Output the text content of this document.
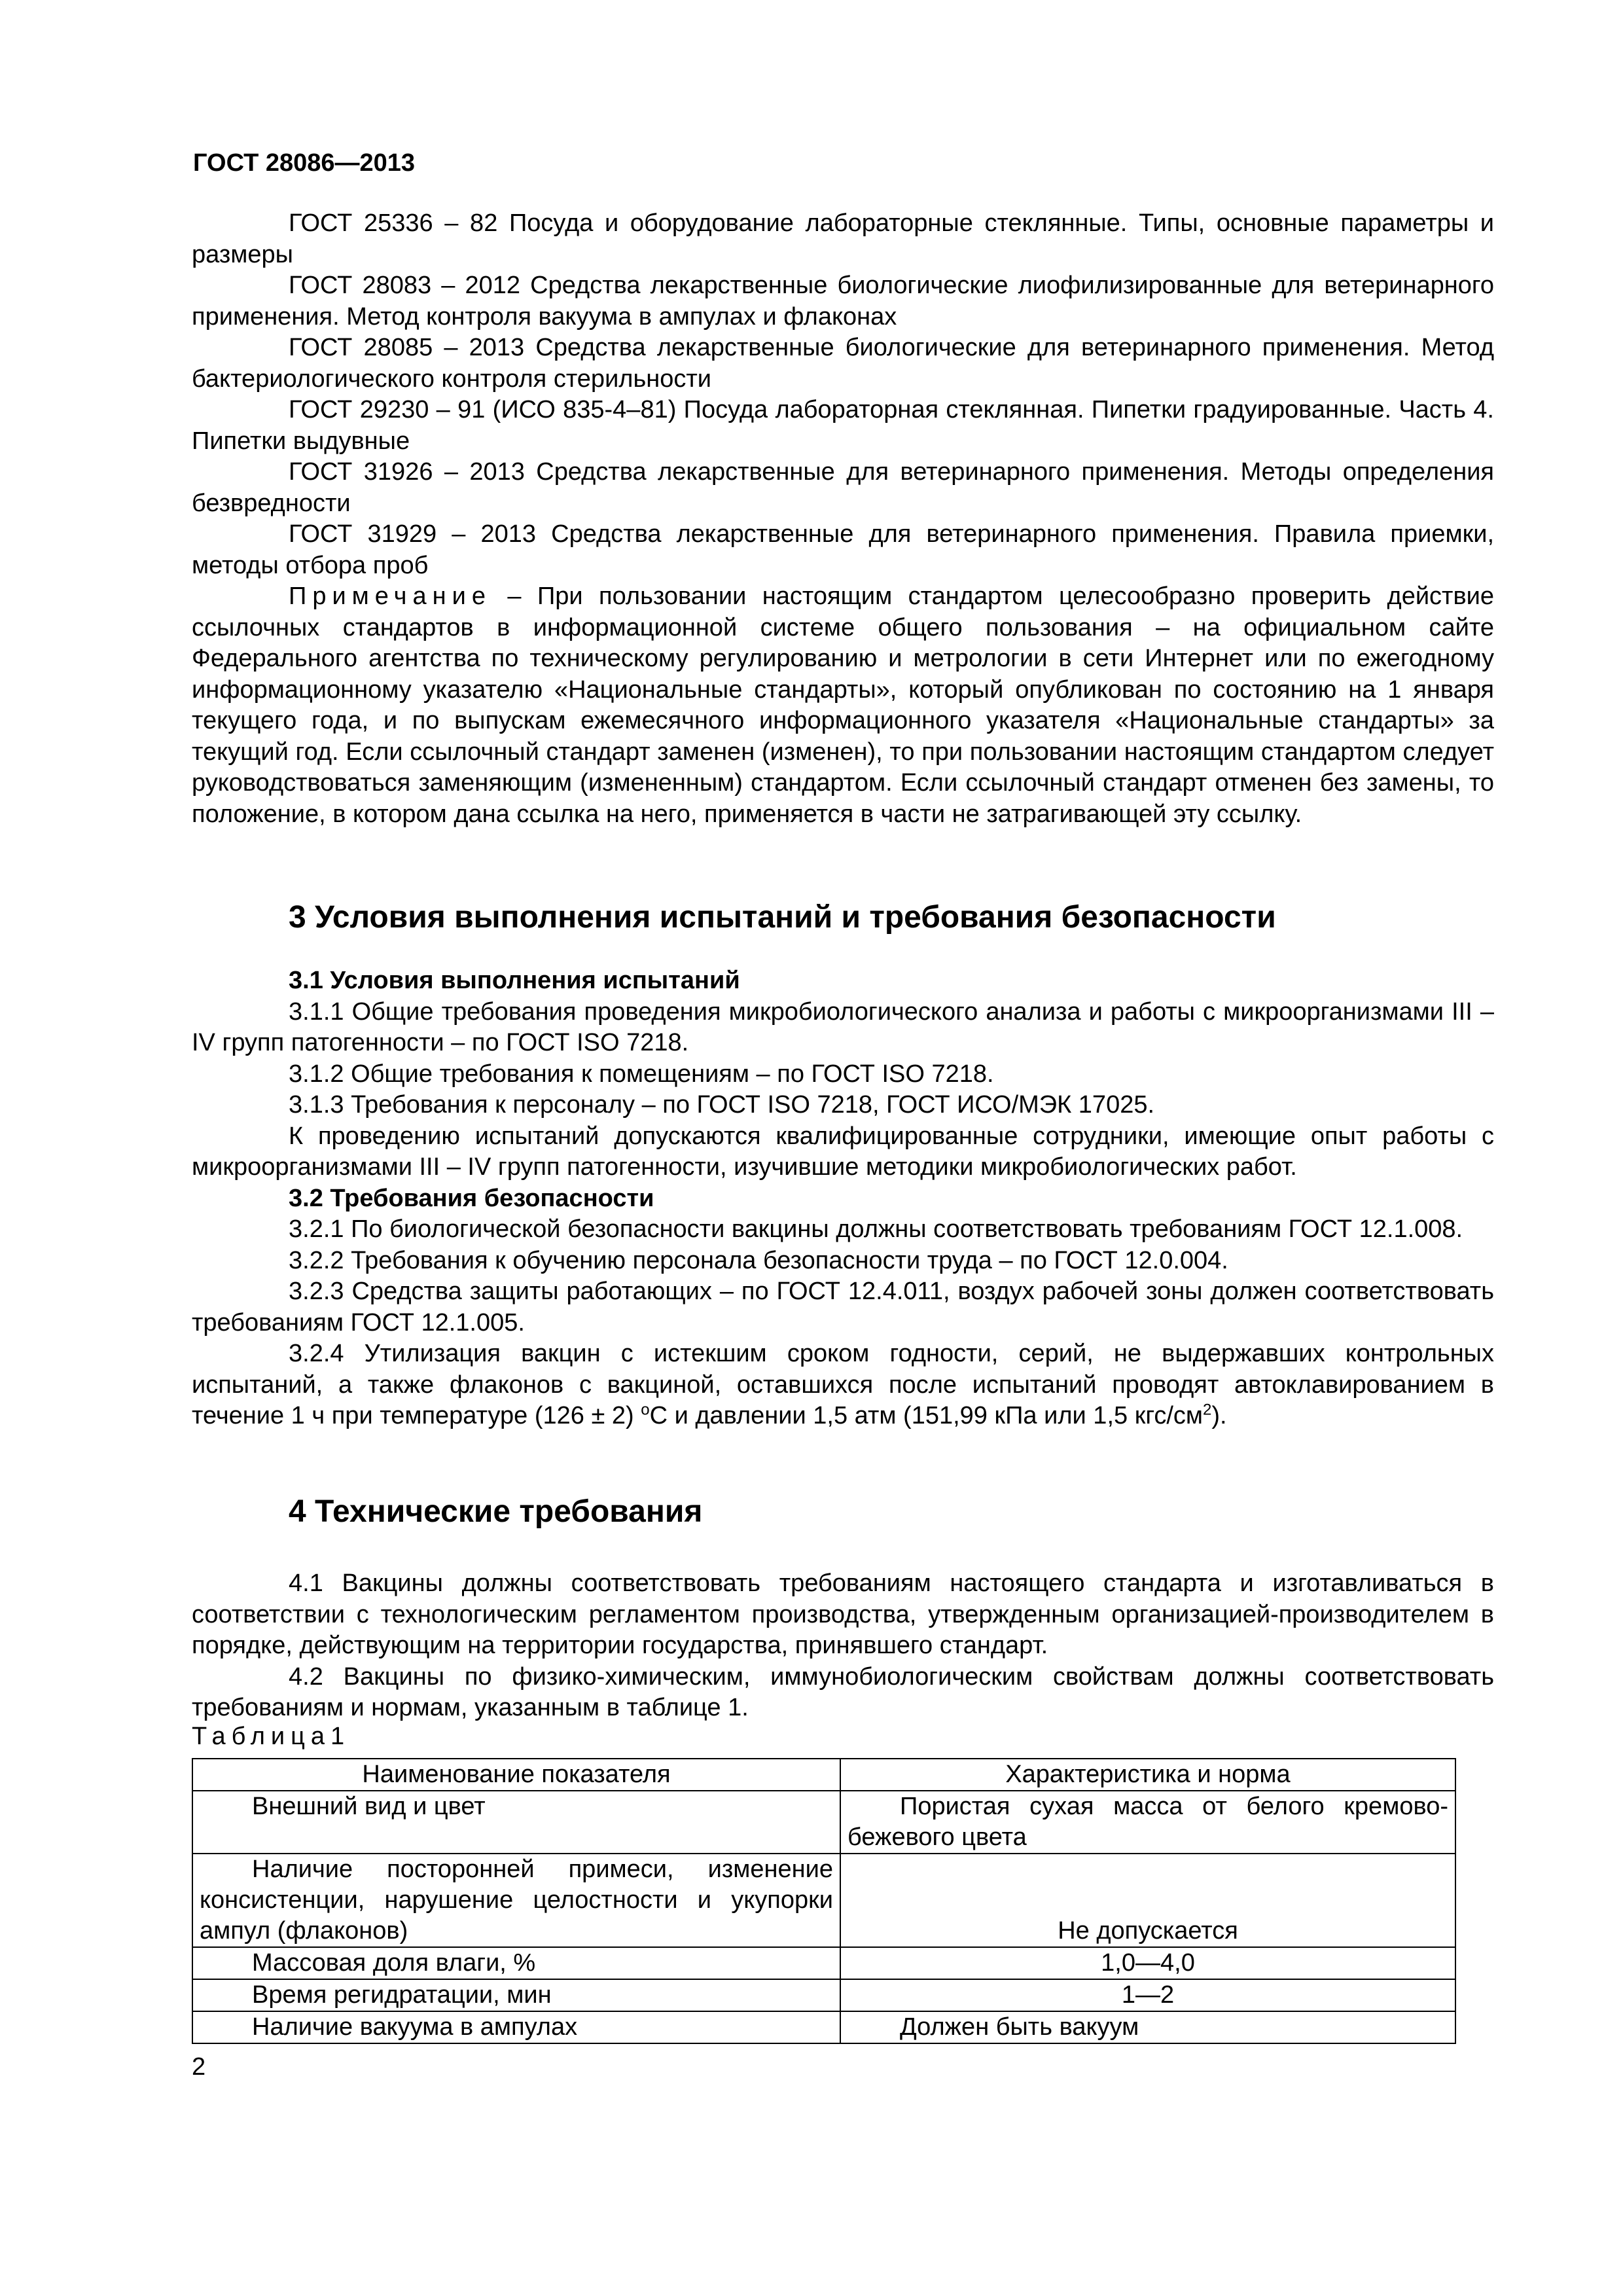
ГОСТ 28086—2013

ГОСТ 25336 – 82 Посуда и оборудование лабораторные стеклянные. Типы, основные параметры и размеры

ГОСТ 28083 – 2012 Средства лекарственные биологические лиофилизированные для ветеринарного применения. Метод контроля вакуума в ампулах и флаконах

ГОСТ 28085 – 2013 Средства лекарственные биологические для ветеринарного применения. Метод бактериологического контроля стерильности

ГОСТ 29230 – 91 (ИСО 835-4–81) Посуда лабораторная стеклянная. Пипетки градуированные. Часть 4. Пипетки выдувные

ГОСТ 31926 – 2013 Средства лекарственные для ветеринарного применения. Методы определения безвредности

ГОСТ 31929 – 2013 Средства лекарственные для ветеринарного применения. Правила приемки, методы отбора проб

Примечание – При пользовании настоящим стандартом целесообразно проверить действие ссылочных стандартов в информационной системе общего пользования – на официальном сайте Федерального агентства по техническому регулированию и метрологии в сети Интернет или по ежегодному информационному указателю «Национальные стандарты», который опубликован по состоянию на 1 января текущего года, и по выпускам ежемесячного информационного указателя «Национальные стандарты» за текущий год. Если ссылочный стандарт заменен (изменен), то при пользовании настоящим стандартом следует руководствоваться заменяющим (измененным) стандартом. Если ссылочный стандарт отменен без замены, то положение, в котором дана ссылка на него, применяется в части не затрагивающей эту ссылку.

3 Условия выполнения испытаний и требования безопасности

3.1 Условия выполнения испытаний

3.1.1 Общие требования проведения микробиологического анализа и работы с микроорганизмами III – IV групп патогенности – по ГОСТ ISO 7218.

3.1.2 Общие требования к помещениям – по ГОСТ ISO 7218.

3.1.3 Требования к персоналу – по ГОСТ ISO 7218, ГОСТ ИСО/МЭК 17025.

К проведению испытаний допускаются квалифицированные сотрудники, имеющие опыт работы с микроорганизмами III – IV групп патогенности, изучившие методики микробиологических работ.

3.2 Требования безопасности

3.2.1 По биологической безопасности вакцины должны соответствовать требованиям ГОСТ 12.1.008.

3.2.2 Требования к обучению персонала безопасности труда – по ГОСТ 12.0.004.

3.2.3 Средства защиты работающих – по ГОСТ 12.4.011, воздух рабочей зоны должен соответствовать требованиям ГОСТ 12.1.005.

3.2.4 Утилизация вакцин с истекшим сроком годности, серий, не выдержавших контрольных испытаний, а также флаконов с вакциной, оставшихся после испытаний проводят автоклавированием в течение 1 ч при температуре (126 ± 2) $^o$С и давлении 1,5 атм (151,99 кПа или 1,5 кгс/$см^2$).

4 Технические требования

4.1 Вакцины должны соответствовать требованиям настоящего стандарта и изготавливаться в соответствии с технологическим регламентом производства, утвержденным организацией-производителем в порядке, действующим на территории государства, принявшего стандарт.

4.2 Вакцины по физико-химическим, иммунобиологическим свойствам должны соответствовать требованиям и нормам, указанным в таблице 1.

Таблица1
Наименование показателя	Характеристика и норма
Внешний вид и цвет	Пористая сухая масса от белого кремово-бежевого цвета
Наличие посторонней примеси, изменение консистенции, нарушение целостности и укупорки ампул (флаконов)	Не допускается
Массовая доля влаги, %	1,0—4,0
Время регидратации, мин	1—2
Наличие вакуума в ампулах	Должен быть вакуум
2
